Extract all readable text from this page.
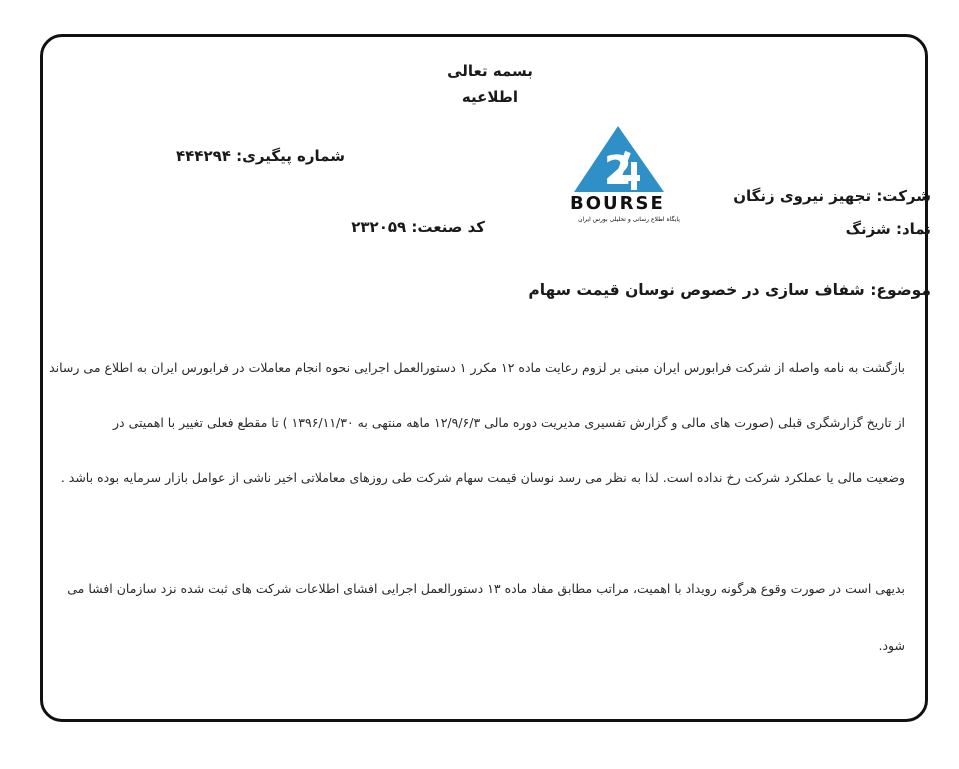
بسمه تعالی
اطلاعیه
شماره پیگیری: ۴۴۴۲۹۴
کد صنعت: ۲۳۲۰۵۹
شرکت: تجهیز نیروی زنگان
نماد: شزنگ
2
BOURSE
پایگاه اطلاع رسانی و تحلیلی بورس ایران
موضوع: شفاف سازی در خصوص نوسان قیمت سهام
بازگشت به نامه واصله از شرکت فرابورس ایران مبنی بر لزوم رعایت ماده ۱۲ مکرر ۱ دستورالعمل اجرایی نحوه انجام معاملات در فرابورس ایران به اطلاع می رساند
از تاریخ گزارشگری قبلی (صورت های مالی و گزارش تفسیری مدیریت دوره مالی ۱۲/۹/۶/۳ ماهه منتهی به ۱۳۹۶/۱۱/۳۰ ) تا مقطع فعلی تغییر با اهمیتی در
وضعیت مالی یا عملکرد شرکت رخ نداده است. لذا به نظر می رسد نوسان قیمت سهام شرکت طی روزهای معاملاتی اخیر ناشی از عوامل بازار سرمایه بوده باشد .
بدیهی است در صورت وقوع هرگونه رویداد با اهمیت، مراتب مطابق مفاد ماده ۱۳ دستورالعمل اجرایی افشای اطلاعات شرکت های ثبت شده نزد سازمان افشا می
شود.
